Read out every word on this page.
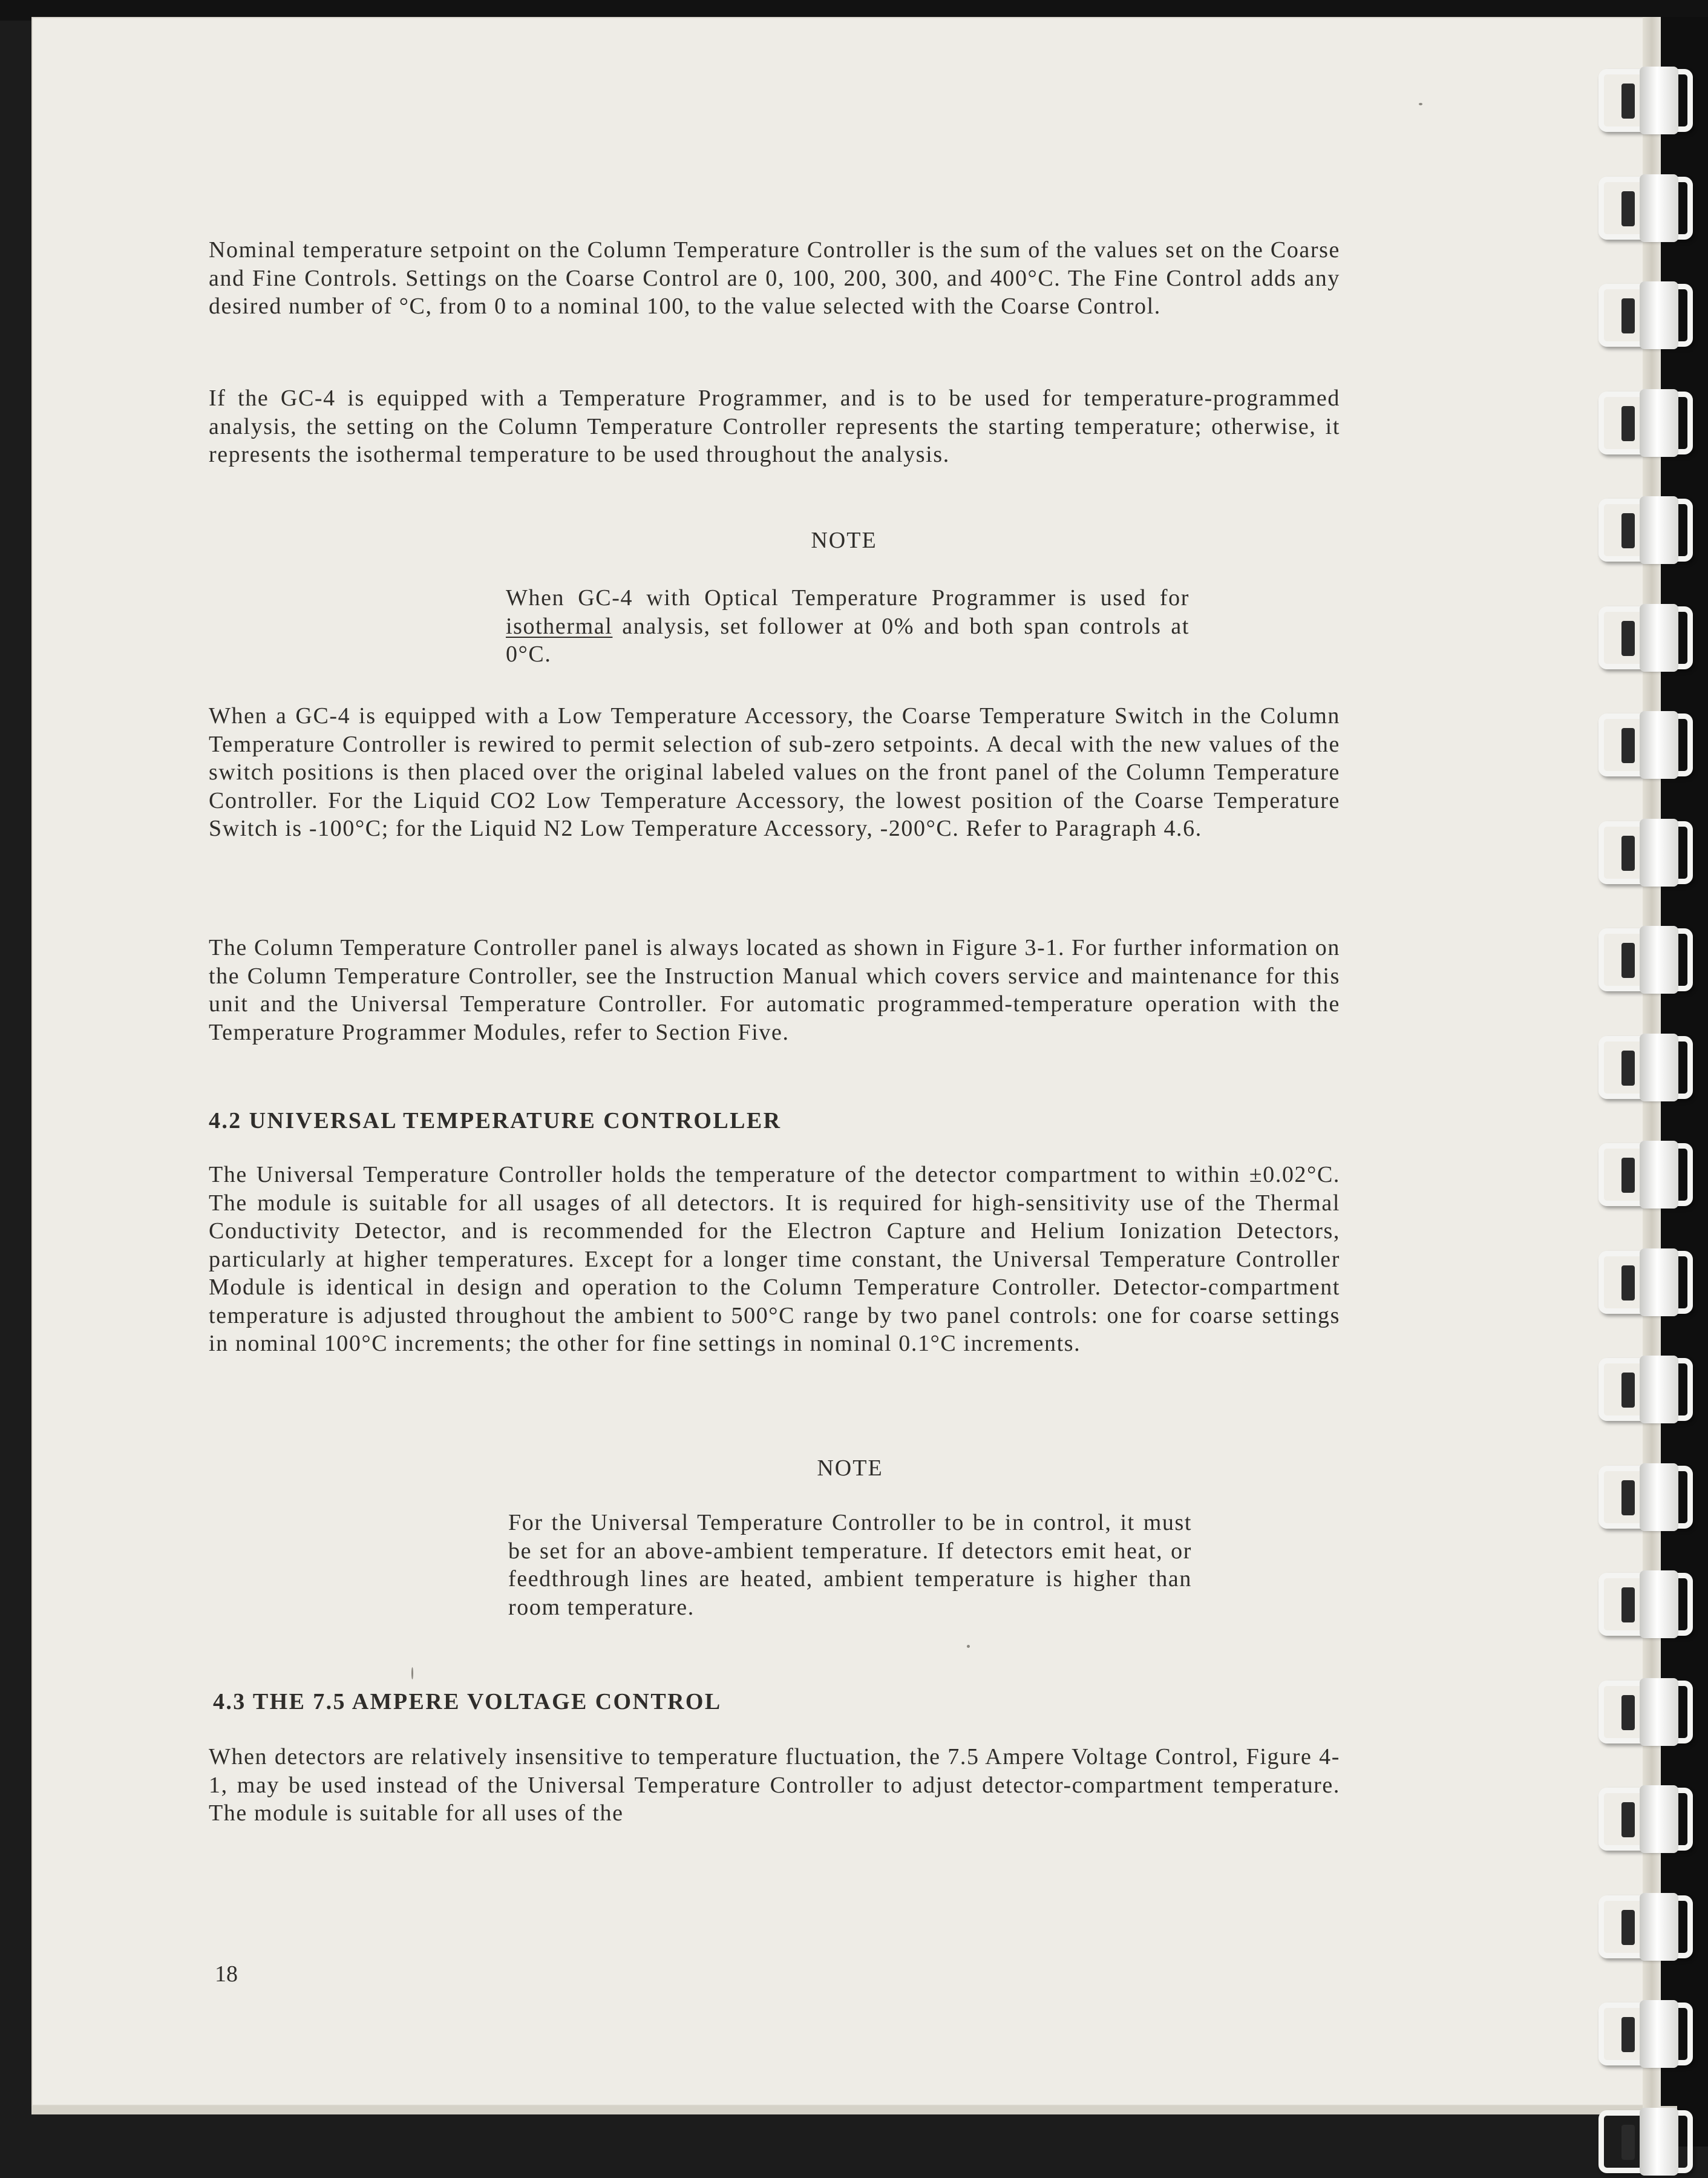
Nominal temperature setpoint on the Column Temperature Controller is the sum of the values set on the Coarse and Fine Controls. Settings on the Coarse Control are 0, 100, 200, 300, and 400°C. The Fine Control adds any desired number of °C, from 0 to a nominal 100, to the value selected with the Coarse Control.

If the GC-4 is equipped with a Temperature Programmer, and is to be used for temperature-programmed analysis, the setting on the Column Temperature Controller represents the starting temperature; otherwise, it represents the isothermal temperature to be used throughout the analysis.

NOTE

When GC-4 with Optical Temperature Programmer is used for isothermal analysis, set follower at 0% and both span controls at 0°C.

When a GC-4 is equipped with a Low Temperature Accessory, the Coarse Temperature Switch in the Column Temperature Controller is rewired to permit selection of sub-zero setpoints. A decal with the new values of the switch positions is then placed over the original labeled values on the front panel of the Column Temperature Controller. For the Liquid CO2 Low Temperature Accessory, the lowest position of the Coarse Temperature Switch is -100°C; for the Liquid N2 Low Temperature Accessory, -200°C. Refer to Paragraph 4.6.

The Column Temperature Controller panel is always located as shown in Figure 3-1. For further information on the Column Temperature Controller, see the Instruction Manual which covers service and maintenance for this unit and the Universal Temperature Controller. For automatic programmed-temperature operation with the Temperature Programmer Modules, refer to Section Five.

4.2 UNIVERSAL TEMPERATURE CONTROLLER

The Universal Temperature Controller holds the temperature of the detector compartment to within ±0.02°C. The module is suitable for all usages of all detectors. It is required for high-sensitivity use of the Thermal Conductivity Detector, and is recommended for the Electron Capture and Helium Ionization Detectors, particularly at higher temperatures. Except for a longer time constant, the Universal Temperature Controller Module is identical in design and operation to the Column Temperature Controller. Detector-compartment temperature is adjusted throughout the ambient to 500°C range by two panel controls: one for coarse settings in nominal 100°C increments; the other for fine settings in nominal 0.1°C increments.

NOTE

For the Universal Temperature Controller to be in control, it must be set for an above-ambient temperature. If detectors emit heat, or feedthrough lines are heated, ambient temperature is higher than room temperature.

4.3 THE 7.5 AMPERE VOLTAGE CONTROL

When detectors are relatively insensitive to temperature fluctuation, the 7.5 Ampere Voltage Control, Figure 4-1, may be used instead of the Universal Temperature Controller to adjust detector-compartment temperature. The module is suitable for all uses of the

18
